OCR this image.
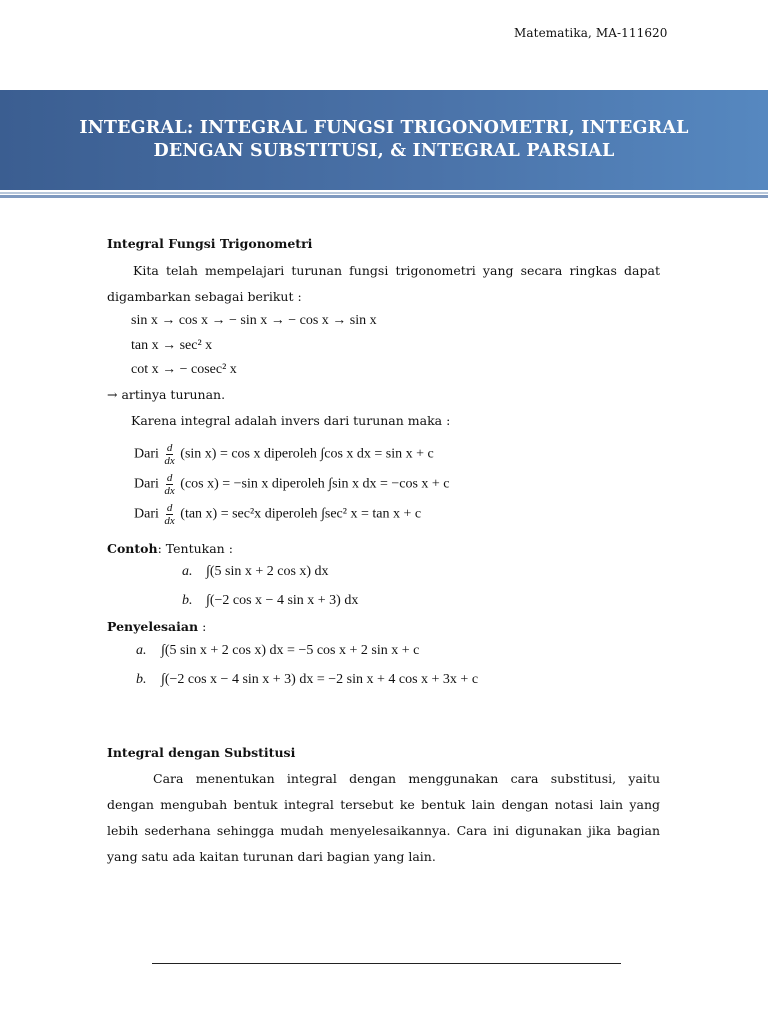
Matematika, MA-111620
INTEGRAL: INTEGRAL FUNGSI TRIGONOMETRI, INTEGRAL
DENGAN SUBSTITUSI, & INTEGRAL PARSIAL
Integral Fungsi Trigonometri
Kita telah mempelajari turunan fungsi trigonometri yang secara ringkas dapat
digambarkan sebagai berikut :
sin x → cos x → − sin x → − cos x → sin x
tan x → sec² x
cot x → − cosec² x
→ artinya turunan.
Karena integral adalah invers dari turunan maka :
Dari $\frac{d}{dx} (\sin$ x) = cos x diperoleh ∫cos x dx = sin x + c
Dari $\frac{d}{dx} (\cos$ x) = −sin x diperoleh ∫sin x dx = −cos x + c
Dari $\frac{d}{dx} (\tan$ x) = sec²x diperoleh ∫sec² x = tan x + c
Contoh: Tentukan :
a. ∫(5 sin x + 2 cos x) dx
b. ∫(−2 cos x − 4 sin x + 3) dx
Penyelesaian :
a. ∫(5 sin x + 2 cos x) dx = −5 cos x + 2 sin x + c
b. ∫(−2 cos x − 4 sin x + 3) dx = −2 sin x + 4 cos x + 3x + c
Integral dengan Substitusi
Cara menentukan integral dengan menggunakan cara substitusi, yaitu
dengan mengubah bentuk integral tersebut ke bentuk lain dengan notasi lain yang
lebih sederhana sehingga mudah menyelesaikannya. Cara ini digunakan jika bagian
yang satu ada kaitan turunan dari bagian yang lain.
